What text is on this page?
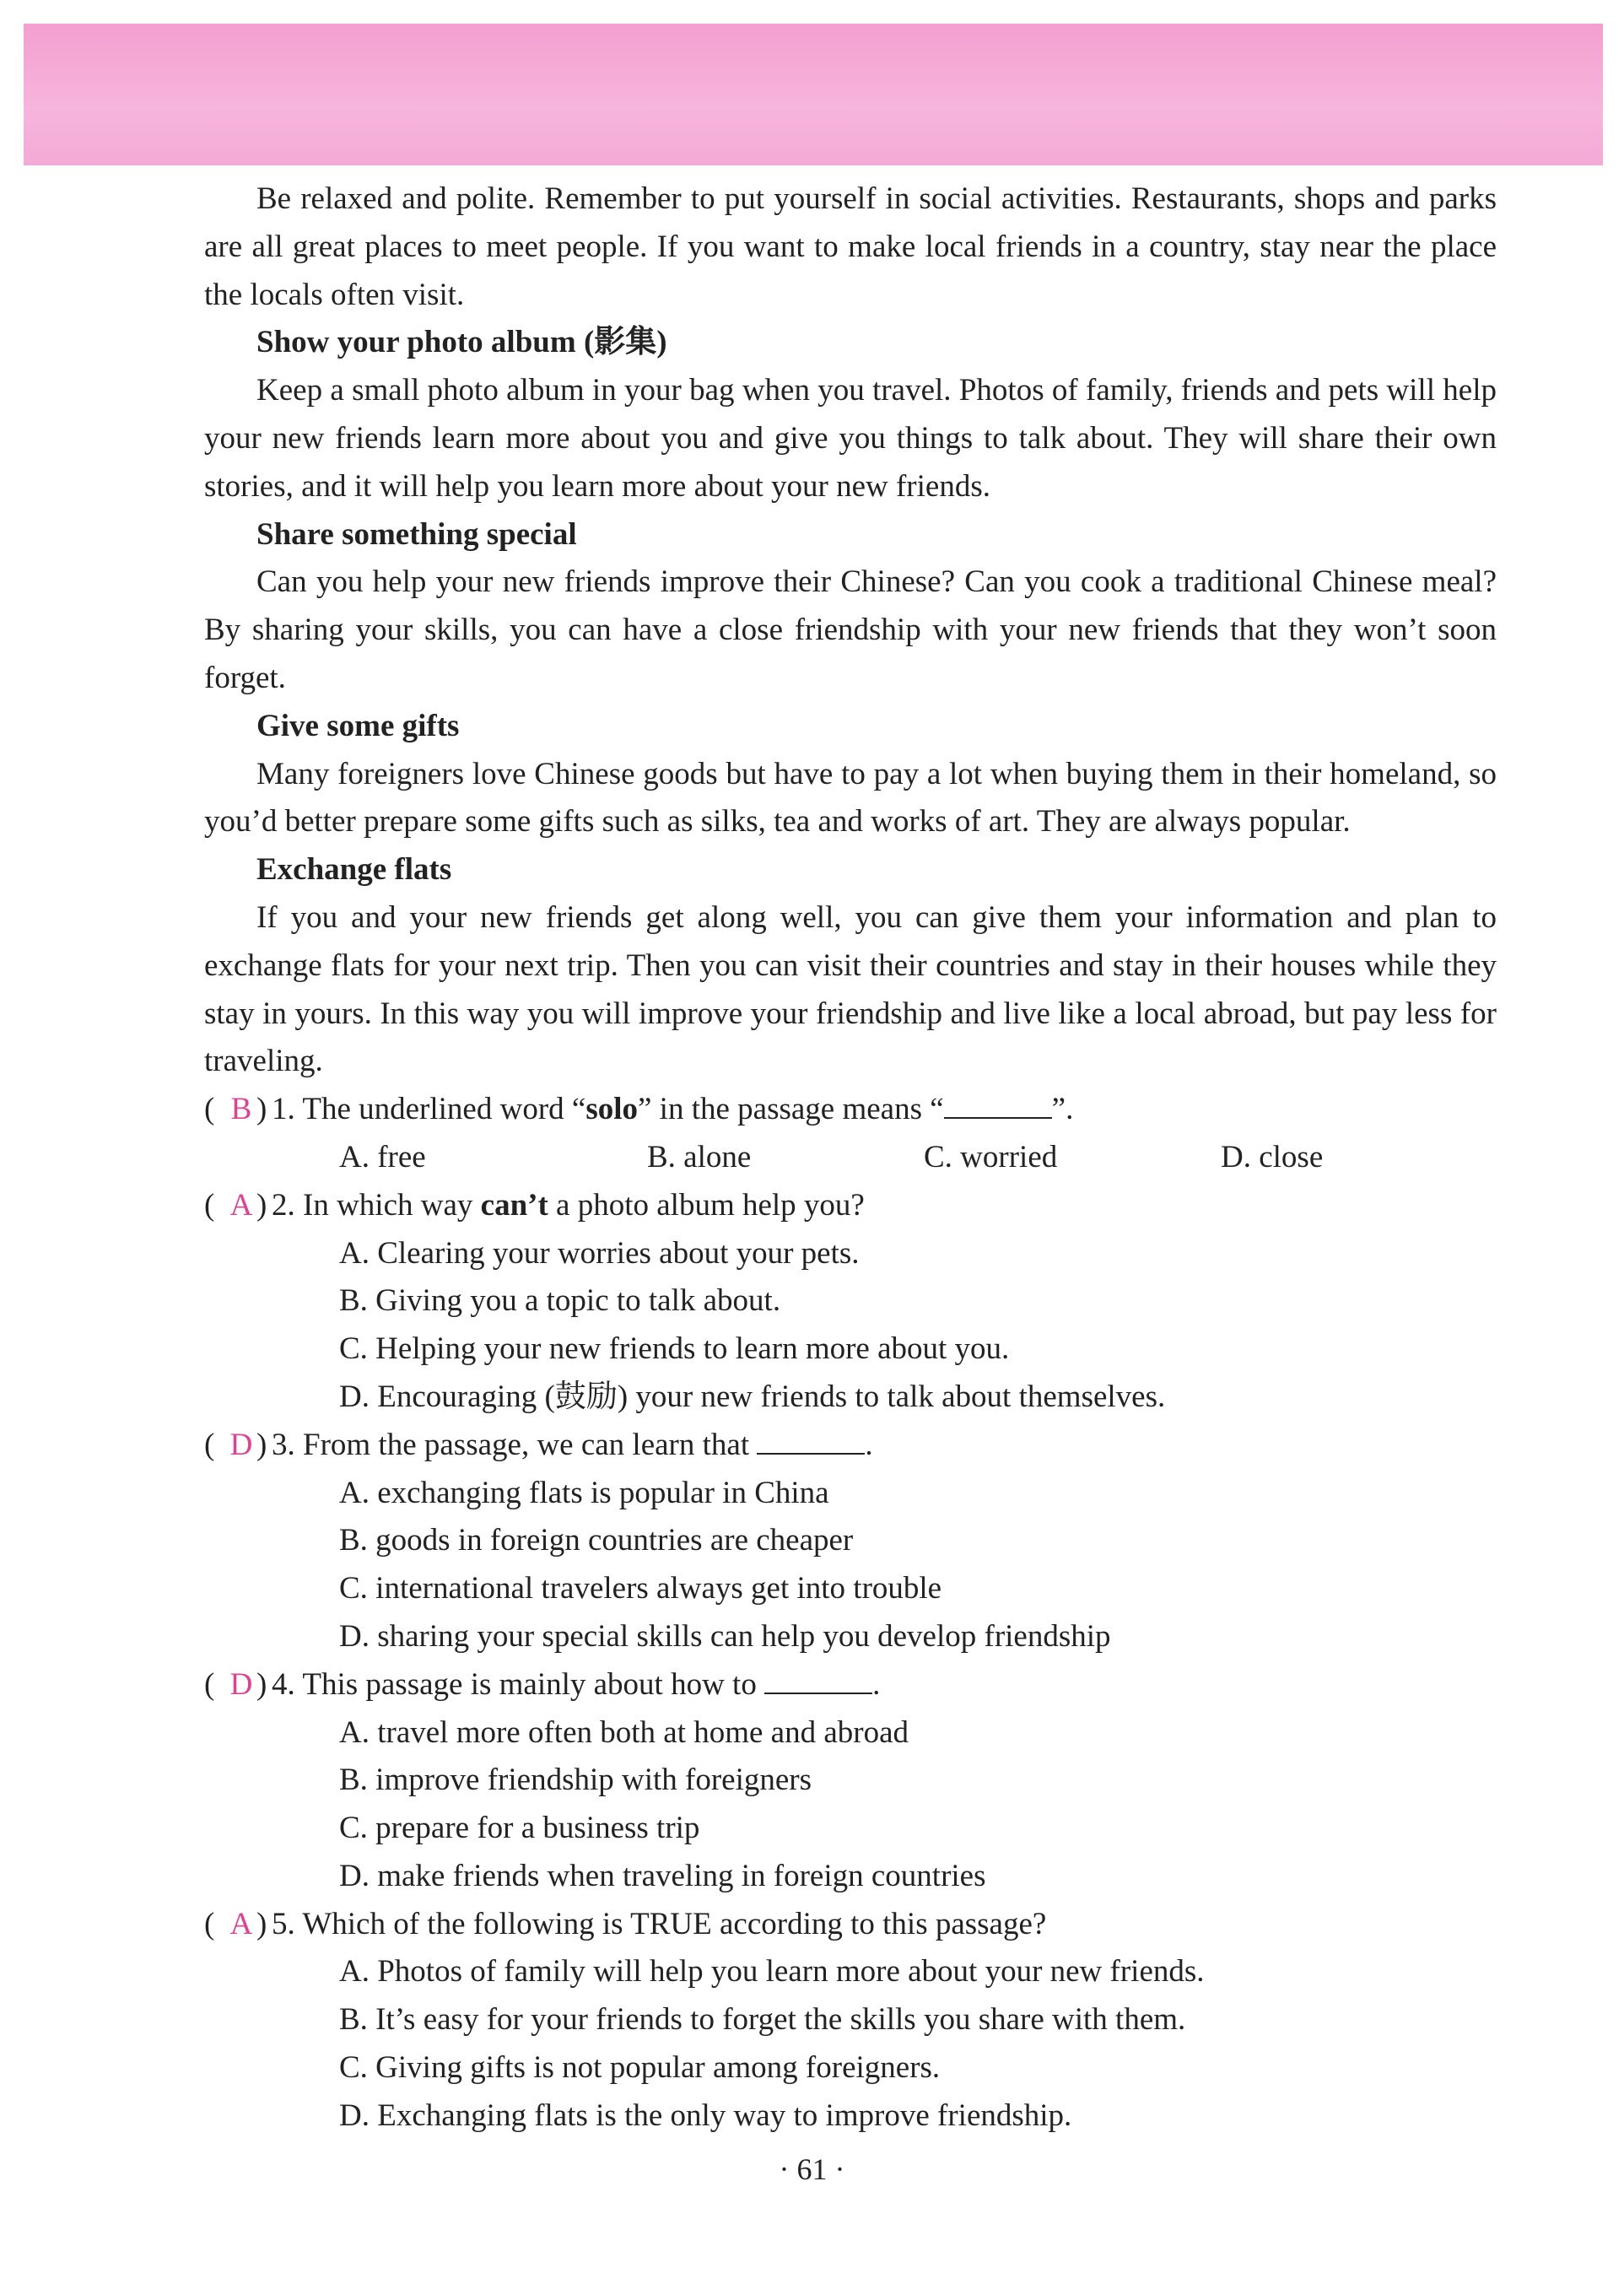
Be relaxed and polite. Remember to put yourself in social activities. Restaurants, shops and parks are all great places to meet people. If you want to make local friends in a country, stay near the place the locals often visit.

Show your photo album (影集)

Keep a small photo album in your bag when you travel. Photos of family, friends and pets will help your new friends learn more about you and give you things to talk about. They will share their own stories, and it will help you learn more about your new friends.

Share something special

Can you help your new friends improve their Chinese? Can you cook a traditional Chinese meal? By sharing your skills, you can have a close friendship with your new friends that they won’t soon forget.

Give some gifts

Many foreigners love Chinese goods but have to pay a lot when buying them in their homeland, so you’d better prepare some gifts such as silks, tea and works of art. They are always popular.

Exchange flats

If you and your new friends get along well, you can give them your information and plan to exchange flats for your next trip. Then you can visit their countries and stay in their houses while they stay in yours. In this way you will improve your friendship and live like a local abroad, but pay less for traveling.

( B ) 1. The underlined word “solo” in the passage means “	”.

A. free	B. alone	C. worried	D. close

( A ) 2. In which way can’t a photo album help you?

A. Clearing your worries about your pets.

B. Giving you a topic to talk about.

C. Helping your new friends to learn more about you.

D. Encouraging (鼓励) your new friends to talk about themselves.

( D ) 3. From the passage, we can learn that	.

A. exchanging flats is popular in China

B. goods in foreign countries are cheaper

C. international travelers always get into trouble

D. sharing your special skills can help you develop friendship

( D ) 4. This passage is mainly about how to	.

A. travel more often both at home and abroad

B. improve friendship with foreigners

C. prepare for a business trip

D. make friends when traveling in foreign countries

( A ) 5. Which of the following is TRUE according to this passage?

A. Photos of family will help you learn more about your new friends.

B. It’s easy for your friends to forget the skills you share with them.

C. Giving gifts is not popular among foreigners.

D. Exchanging flats is the only way to improve friendship.

· 61 ·
